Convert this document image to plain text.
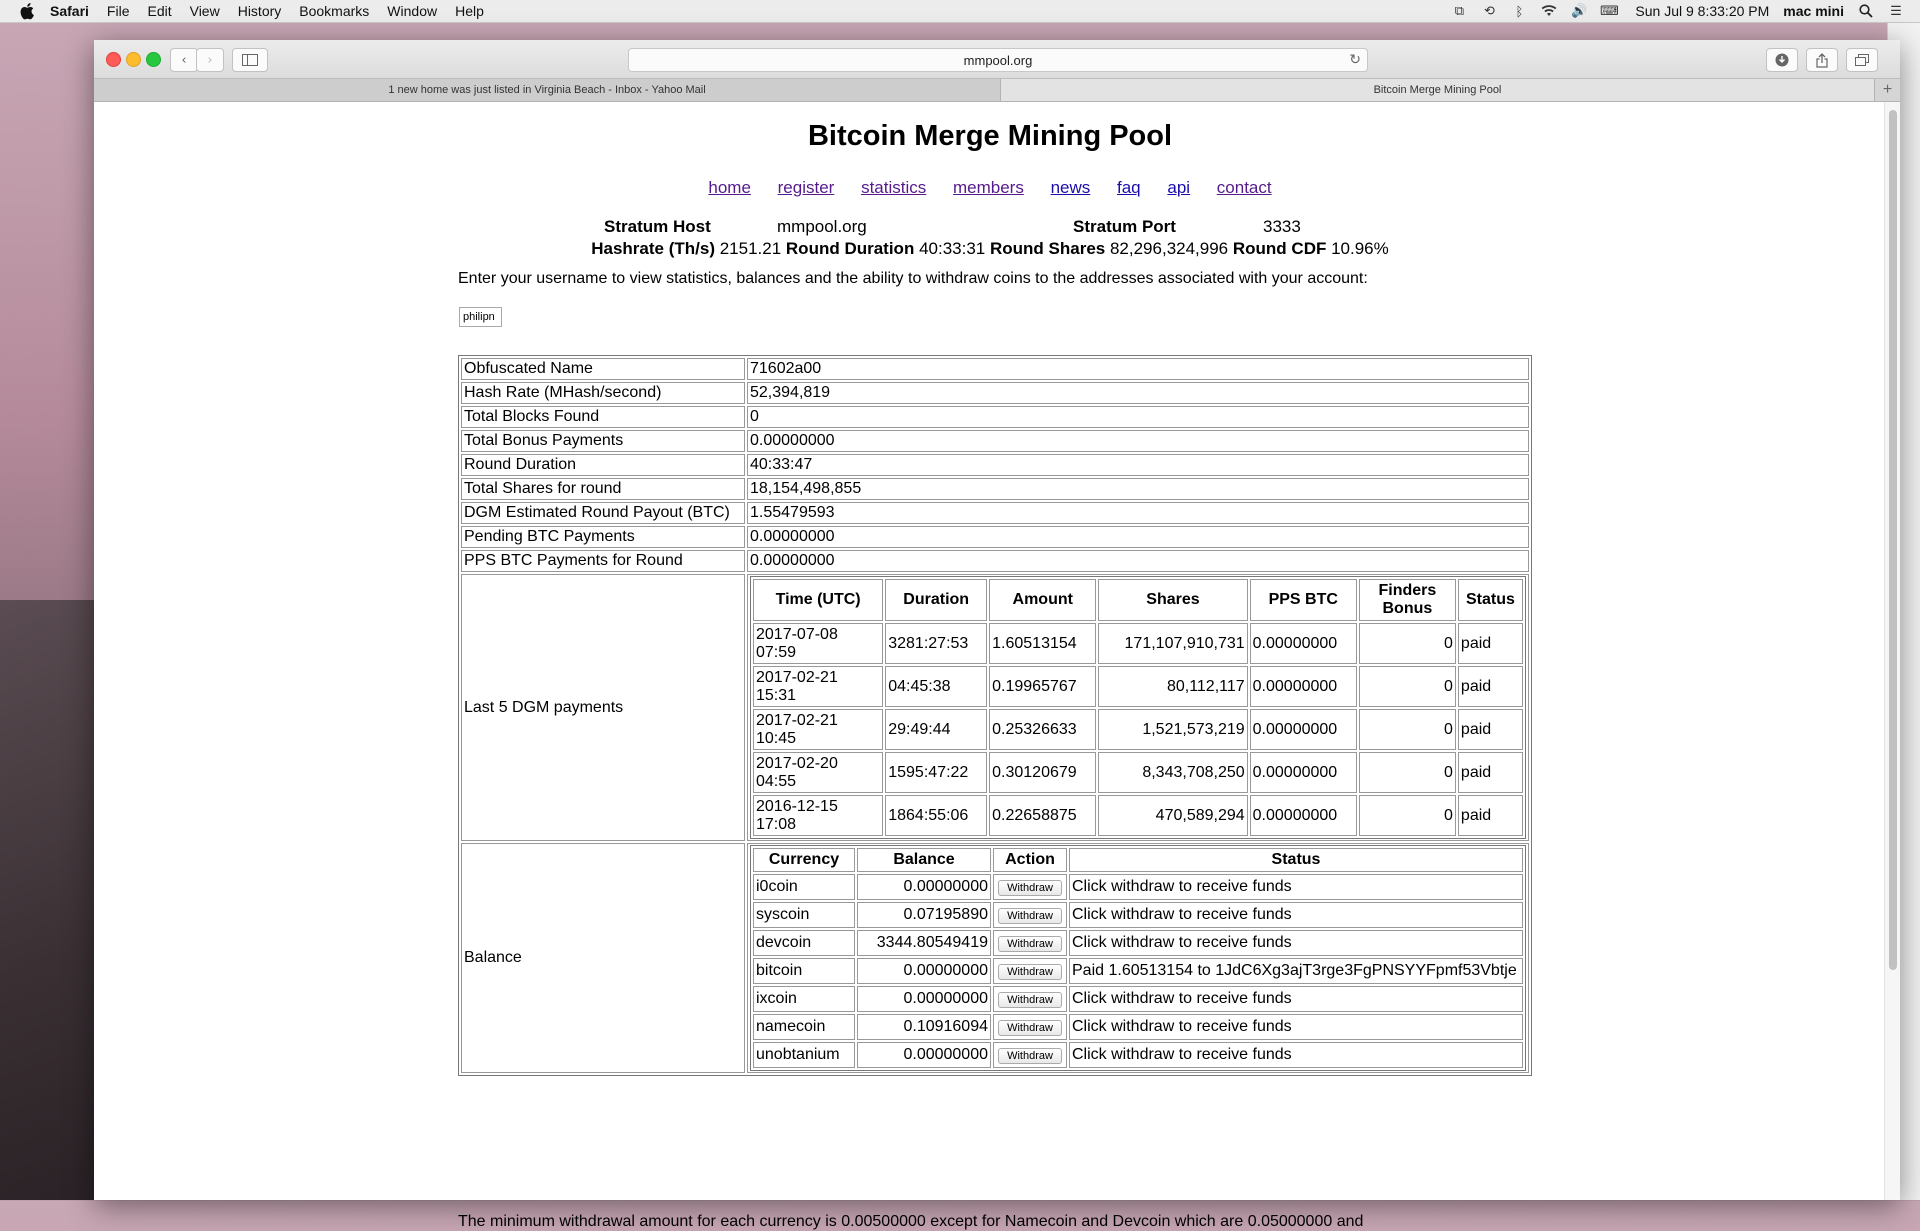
Safari File Edit View History Bookmarks Window Help	⧉ ⟲	ᛒ	🔊 ⌨ Sun Jul 9 8:33:20 PM mac mini	☰
‹ ›	mmpool.org	↻
1 new home was just listed in Virginia Beach - Inbox - Yahoo Mail	Bitcoin Merge Mining Pool	+
Bitcoin Merge Mining Pool
home register statistics members news faq api contact
Stratum Host	mmpool.org	Stratum Port	3333
Hashrate (Th/s) 2151.21 Round Duration 40:33:31 Round Shares 82,296,324,996 Round CDF 10.96%
Enter your username to view statistics, balances and the ability to withdraw coins to the addresses associated with your account:
philipn
Obfuscated Name	71602a00
Hash Rate (MHash/second)	52,394,819
Total Blocks Found	0
Total Bonus Payments	0.00000000
Round Duration	40:33:47
Total Shares for round	18,154,498,855
DGM Estimated Round Payout (BTC)	1.55479593
Pending BTC Payments	0.00000000
PPS BTC Payments for Round	0.00000000
Last 5 DGM payments	
Time (UTC)	Duration	Amount	Shares	PPS BTC	Finders Bonus	Status
2017-07-08 07:59	3281:27:53	1.60513154	171,107,910,731	0.00000000	0	paid
2017-02-21 15:31	04:45:38	0.19965767	80,112,117	0.00000000	0	paid
2017-02-21 10:45	29:49:44	0.25326633	1,521,573,219	0.00000000	0	paid
2017-02-20 04:55	1595:47:22	0.30120679	8,343,708,250	0.00000000	0	paid
2016-12-15 17:08	1864:55:06	0.22658875	470,589,294	0.00000000	0	paid

Balance	
Currency	Balance	Action	Status
i0coin	0.00000000	Withdraw	Click withdraw to receive funds
syscoin	0.07195890	Withdraw	Click withdraw to receive funds
devcoin	3344.80549419	Withdraw	Click withdraw to receive funds
bitcoin	0.00000000	Withdraw	Paid 1.60513154 to 1JdC6Xg3ajT3rge3FgPNSYYFpmf53Vbtje
ixcoin	0.00000000	Withdraw	Click withdraw to receive funds
namecoin	0.10916094	Withdraw	Click withdraw to receive funds
unobtanium	0.00000000	Withdraw	Click withdraw to receive funds
The minimum withdrawal amount for each currency is 0.00500000 except for Namecoin and Devcoin which are 0.05000000 and
